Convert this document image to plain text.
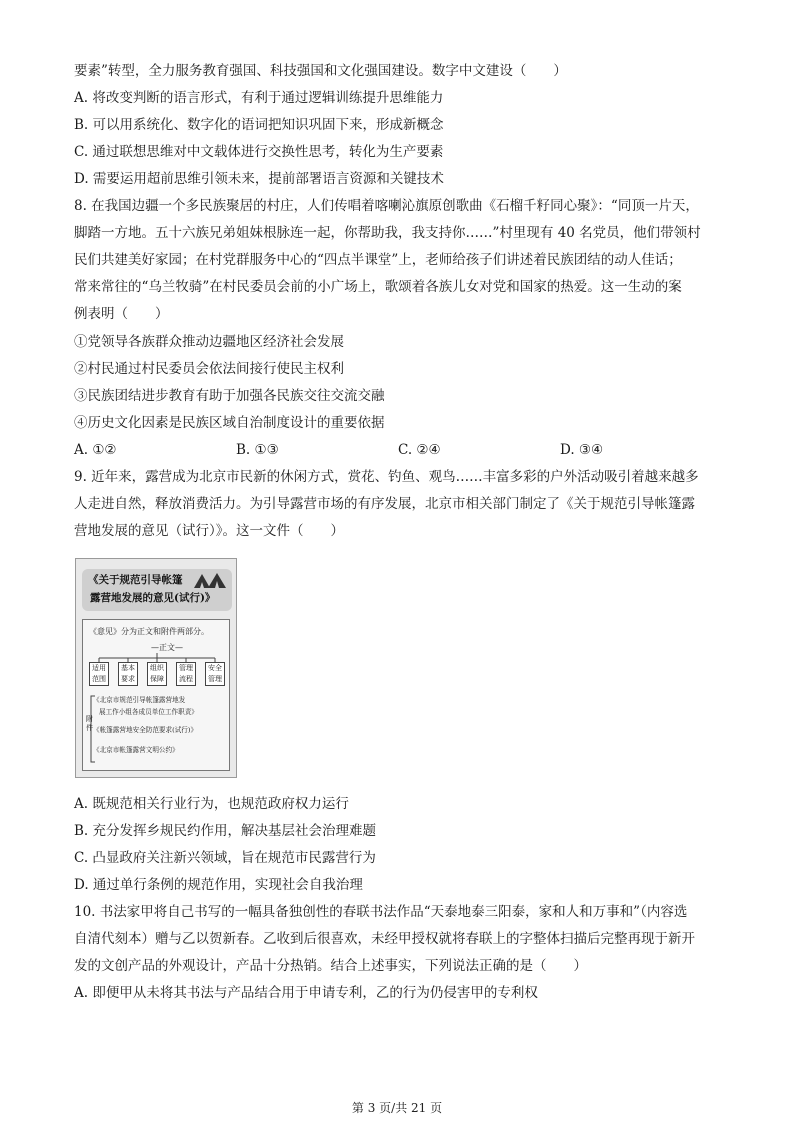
要素”转型，全力服务教育强国、科技强国和文化强国建设。数字中文建设（　　）
A. 将改变判断的语言形式，有利于通过逻辑训练提升思维能力
B. 可以用系统化、数字化的语词把知识巩固下来，形成新概念
C. 通过联想思维对中文载体进行交换性思考，转化为生产要素
D. 需要运用超前思维引领未来，提前部署语言资源和关键技术
8. 在我国边疆一个多民族聚居的村庄，人们传唱着喀喇沁旗原创歌曲《石榴千籽同心聚》：“同顶一片天，
脚踏一方地。五十六族兄弟姐妹根脉连一起，你帮助我，我支持你……”村里现有 40 名党员，他们带领村
民们共建美好家园；在村党群服务中心的“四点半课堂”上，老师给孩子们讲述着民族团结的动人佳话；
常来常往的“乌兰牧骑”在村民委员会前的小广场上，歌颂着各族儿女对党和国家的热爱。这一生动的案
例表明（　　）
①党领导各族群众推动边疆地区经济社会发展
②村民通过村民委员会依法间接行使民主权利
③民族团结进步教育有助于加强各民族交往交流交融
④历史文化因素是民族区域自治制度设计的重要依据
A. ①②	B. ①③	C. ②④	D. ③④
9. 近年来，露营成为北京市民新的休闲方式，赏花、钓鱼、观鸟……丰富多彩的户外活动吸引着越来越多
人走进自然，释放消费活力。为引导露营市场的有序发展，北京市相关部门制定了《关于规范引导帐篷露
营地发展的意见（试行）》。这一文件（　　）
《关于规范引导帐篷
露营地发展的意见(试行)》
《意见》分为正文和附件两部分。
—正文—
适用范围
基本要求
组织保障
管理流程
安全管理
附件
《北京市规范引导帐篷露营地发
展工作小组各成员单位工作职责》
《帐篷露营地安全防范要求(试行)》
《北京市帐篷露营文明公约》
A. 既规范相关行业行为，也规范政府权力运行
B. 充分发挥乡规民约作用，解决基层社会治理难题
C. 凸显政府关注新兴领域，旨在规范市民露营行为
D. 通过单行条例的规范作用，实现社会自我治理
10. 书法家甲将自己书写的一幅具备独创性的春联书法作品“天泰地泰三阳泰，家和人和万事和”（内容选
自清代刻本）赠与乙以贺新春。乙收到后很喜欢，未经甲授权就将春联上的字整体扫描后完整再现于新开
发的文创产品的外观设计，产品十分热销。结合上述事实，下列说法正确的是（　　）
A. 即便甲从未将其书法与产品结合用于申请专利，乙的行为仍侵害甲的专利权
第 3 页/共 21 页
